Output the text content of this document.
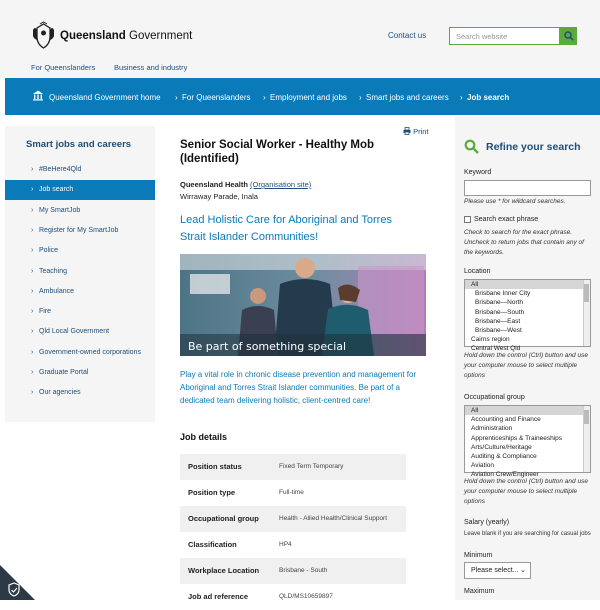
Queensland Government	Contact us	Search website
For Queenslanders	Business and industry
Queensland Government home › For Queenslanders › Employment and jobs › Smart jobs and careers › Job search
Smart jobs and careers
› #BeHere4Qld
› Job search
› My SmartJob
› Register for My SmartJob
› Police
› Teaching
› Ambulance
› Fire
› Qld Local Government
› Government-owned corporations
› Graduate Portal
› Our agencies
Print
Senior Social Worker - Healthy Mob (Identified)
Queensland Health (Organisation site)
Wirraway Parade, Inala
Lead Holistic Care for Aboriginal and Torres Strait Islander Communities!
Be part of something special

Play a vital role in chronic disease prevention and management for Aboriginal and Torres Strait Islander communities. Be part of a dedicated team delivering holistic, client-centred care!

Job details
Position status	Fixed Term Temporary
Position type	Full-time
Occupational group	Health - Allied Health/Clinical Support
Classification	HP4
Workplace Location	Brisbane - South
Job ad reference	QLD/MS10659897
Refine your search
Keyword
Please use * for wildcard searches.
Search exact phrase
Check to search for the exact phrase. Uncheck to return jobs that contain any of the keywords.
Location
All
Brisbane Inner City
Brisbane—North
Brisbane—South
Brisbane—East
Brisbane—West
Cairns region
Central West Qld
Hold down the control (Ctrl) button and use your computer mouse to select multiple options
Occupational group
All
Accounting and Finance
Administration
Apprenticeships & Traineeships
Arts/Culture/Heritage
Auditing & Compliance
Aviation
Aviation Crew/Engineer
Hold down the control (Ctrl) button and use your computer mouse to select multiple options
Salary (yearly)
Leave blank if you are searching for casual jobs
Minimum
Please select... ⌄
Maximum
